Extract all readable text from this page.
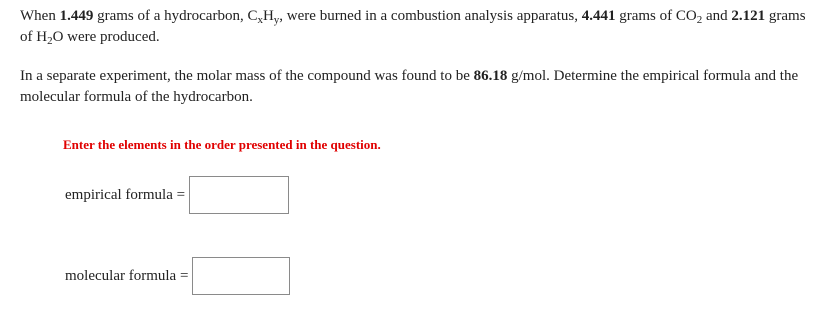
When 1.449 grams of a hydrocarbon, $C_xH_y$, were burned in a combustion analysis apparatus, 4.441 grams of $CO_2$ and 2.121 grams of $H_2O$ were produced.

In a separate experiment, the molar mass of the compound was found to be 86.18 g/mol. Determine the empirical formula and the molecular formula of the hydrocarbon.

Enter the elements in the order presented in the question.
empirical formula =
molecular formula =
